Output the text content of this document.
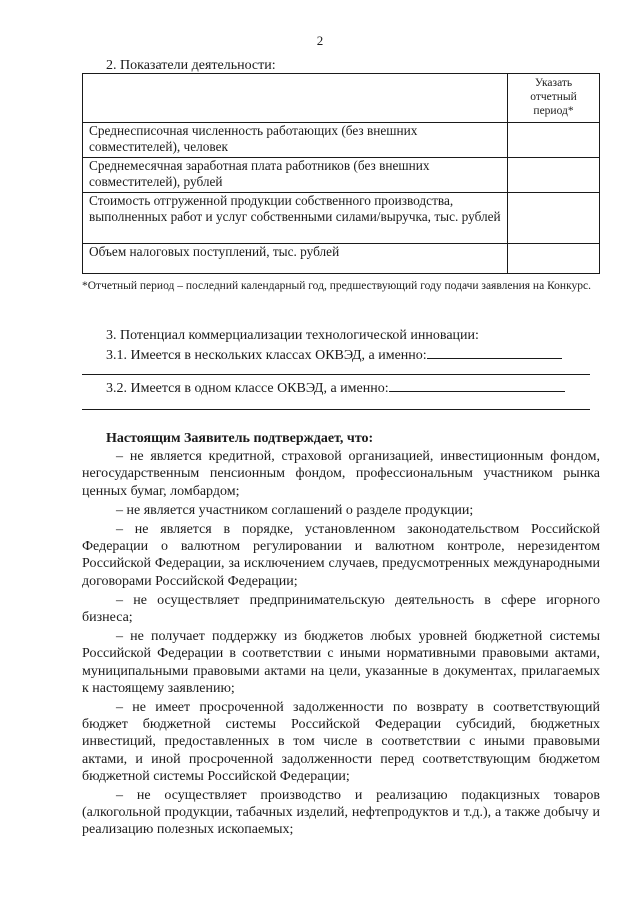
2
2. Показатели деятельности:
	Указать отчетный период*
Среднесписочная численность работающих (без внешних совместителей), человек	
Среднемесячная заработная плата работников (без внешних совместителей), рублей	
Стоимость отгруженной продукции собственного производства, выполненных работ и услуг собственными силами/выручка, тыс. рублей	
Объем налоговых поступлений, тыс. рублей	
*Отчетный период – последний календарный год, предшествующий году подачи заявления на Конкурс.
3. Потенциал коммерциализации технологической инновации:
3.1. Имеется в нескольких классах ОКВЭД, а именно:
3.2. Имеется в одном классе ОКВЭД, а именно:

Настоящим Заявитель подтверждает, что:

– не является кредитной, страховой организацией, инвестиционным фондом, негосударственным пенсионным фондом, профессиональным участником рынка ценных бумаг, ломбардом;

– не является участником соглашений о разделе продукции;

– не является в порядке, установленном законодательством Российской Федерации о валютном регулировании и валютном контроле, нерезидентом Российской Федерации, за исключением случаев, предусмотренных международными договорами Российской Федерации;

– не осуществляет предпринимательскую деятельность в сфере игорного бизнеса;

– не получает поддержку из бюджетов любых уровней бюджетной системы Российской Федерации в соответствии с иными нормативными правовыми актами, муниципальными правовыми актами на цели, указанные в документах, прилагаемых к настоящему заявлению;

– не имеет просроченной задолженности по возврату в соответствующий бюджет бюджетной системы Российской Федерации субсидий, бюджетных инвестиций, предоставленных в том числе в соответствии с иными правовыми актами, и иной просроченной задолженности перед соответствующим бюджетом бюджетной системы Российской Федерации;

– не осуществляет производство и реализацию подакцизных товаров (алкогольной продукции, табачных изделий, нефтепродуктов и т.д.), а также добычу и реализацию полезных ископаемых;
